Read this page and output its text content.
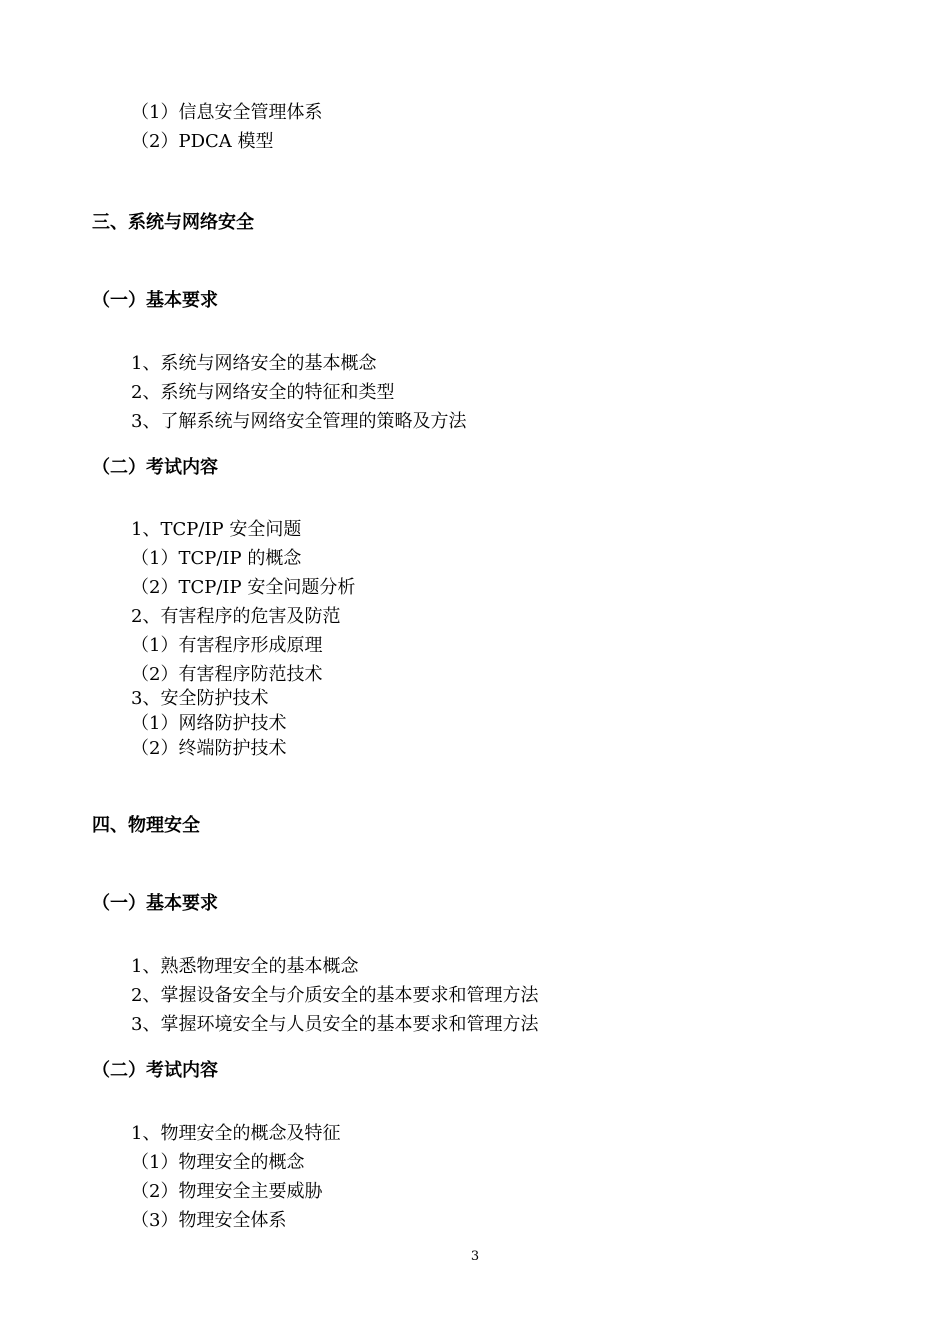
（1）信息安全管理体系
（2）PDCA 模型
三、系统与网络安全
（一）基本要求
1、系统与网络安全的基本概念
2、系统与网络安全的特征和类型
3、了解系统与网络安全管理的策略及方法
（二）考试内容
1、TCP/IP 安全问题
（1）TCP/IP 的概念
（2）TCP/IP 安全问题分析
2、有害程序的危害及防范
（1）有害程序形成原理
（2）有害程序防范技术
3、安全防护技术
（1）网络防护技术
（2）终端防护技术
四、物理安全
（一）基本要求
1、熟悉物理安全的基本概念
2、掌握设备安全与介质安全的基本要求和管理方法
3、掌握环境安全与人员安全的基本要求和管理方法
（二）考试内容
1、物理安全的概念及特征
（1）物理安全的概念
（2）物理安全主要威胁
（3）物理安全体系
3
